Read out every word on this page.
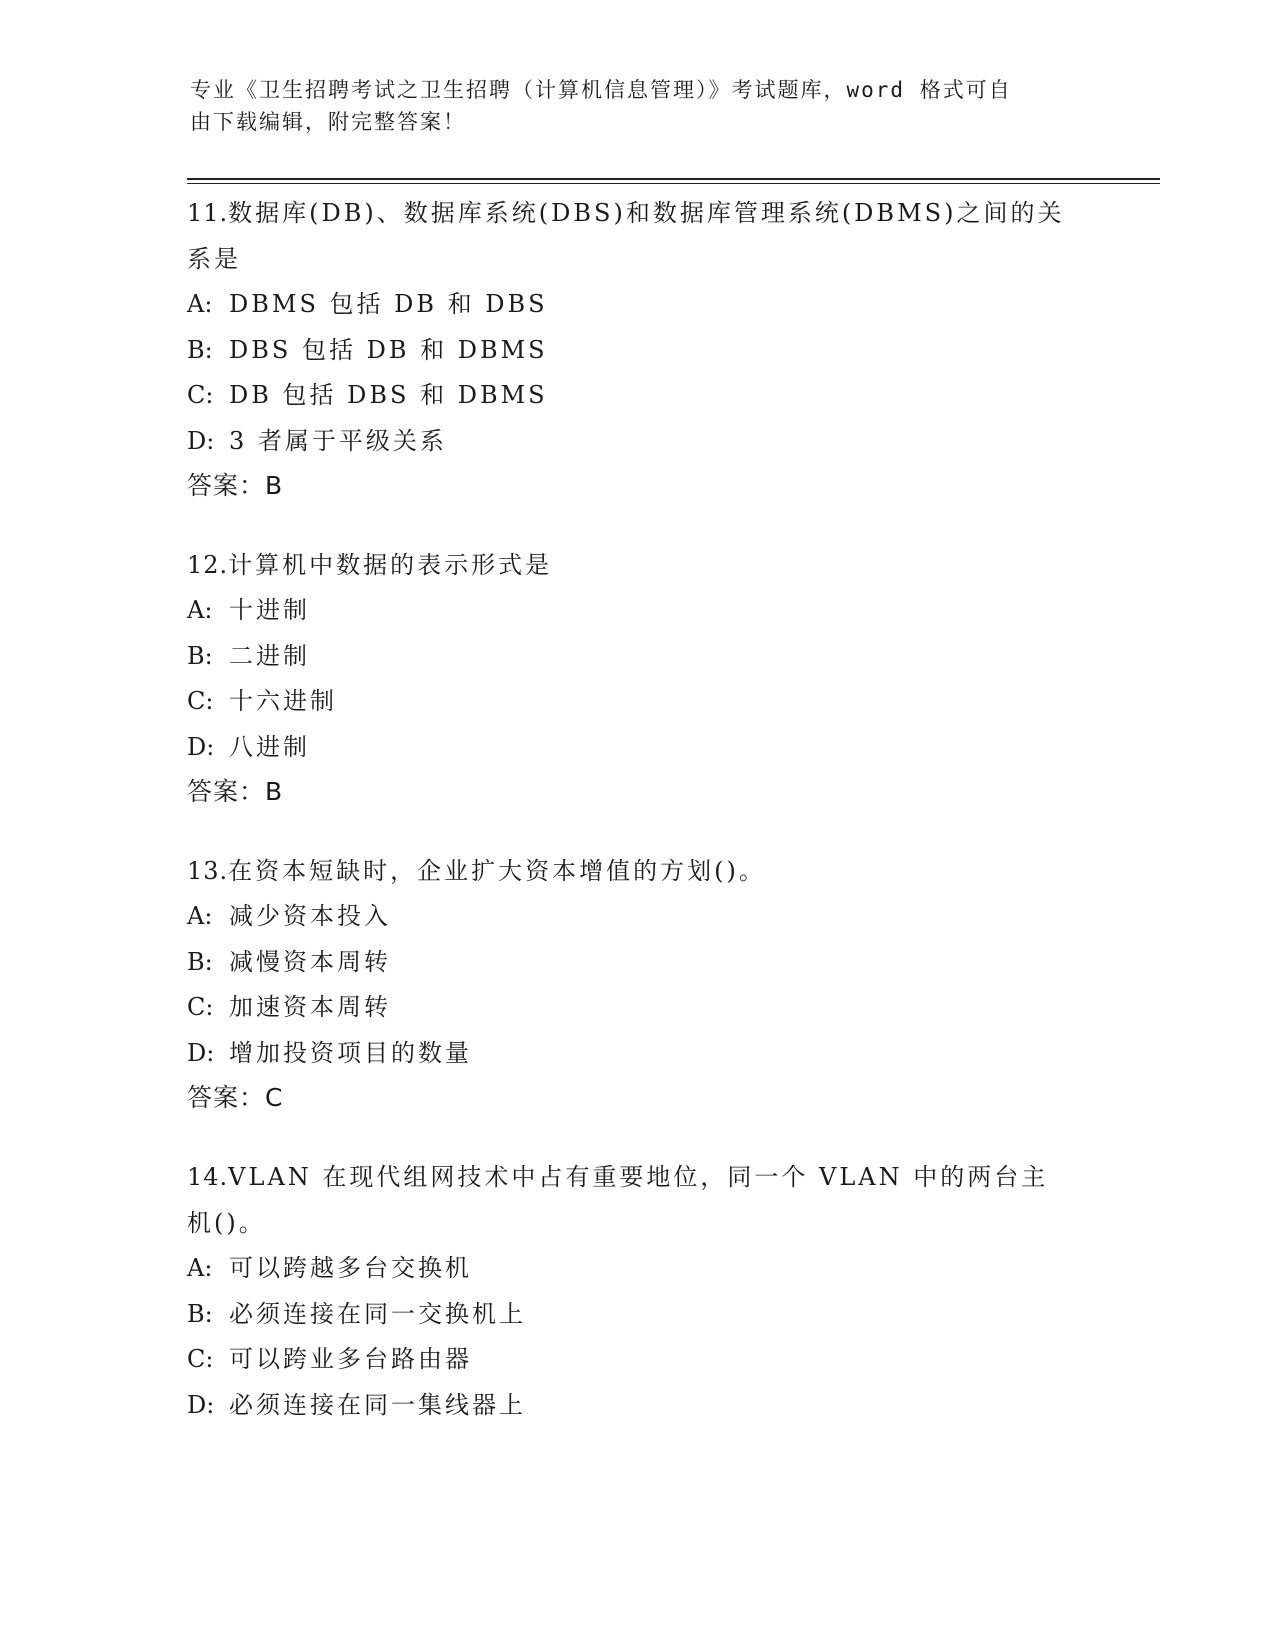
专业《卫生招聘考试之卫生招聘（计算机信息管理）》考试题库，word 格式可自
由下载编辑，附完整答案！
11.数据库(DB)、数据库系统(DBS)和数据库管理系统(DBMS)之间的关系是
A: DBMS 包括 DB 和 DBS
B: DBS 包括 DB 和 DBMS
C: DB 包括 DBS 和 DBMS
D: 3 者属于平级关系
答案：B
12.计算机中数据的表示形式是
A: 十进制
B: 二进制
C: 十六进制
D: 八进制
答案：B
13.在资本短缺时，企业扩大资本增值的方划()。
A: 减少资本投入
B: 减慢资本周转
C: 加速资本周转
D: 增加投资项目的数量
答案：C
14.VLAN 在现代组网技术中占有重要地位，同一个 VLAN 中的两台主机()。
A: 可以跨越多台交换机
B: 必须连接在同一交换机上
C: 可以跨业多台路由器
D: 必须连接在同一集线器上
